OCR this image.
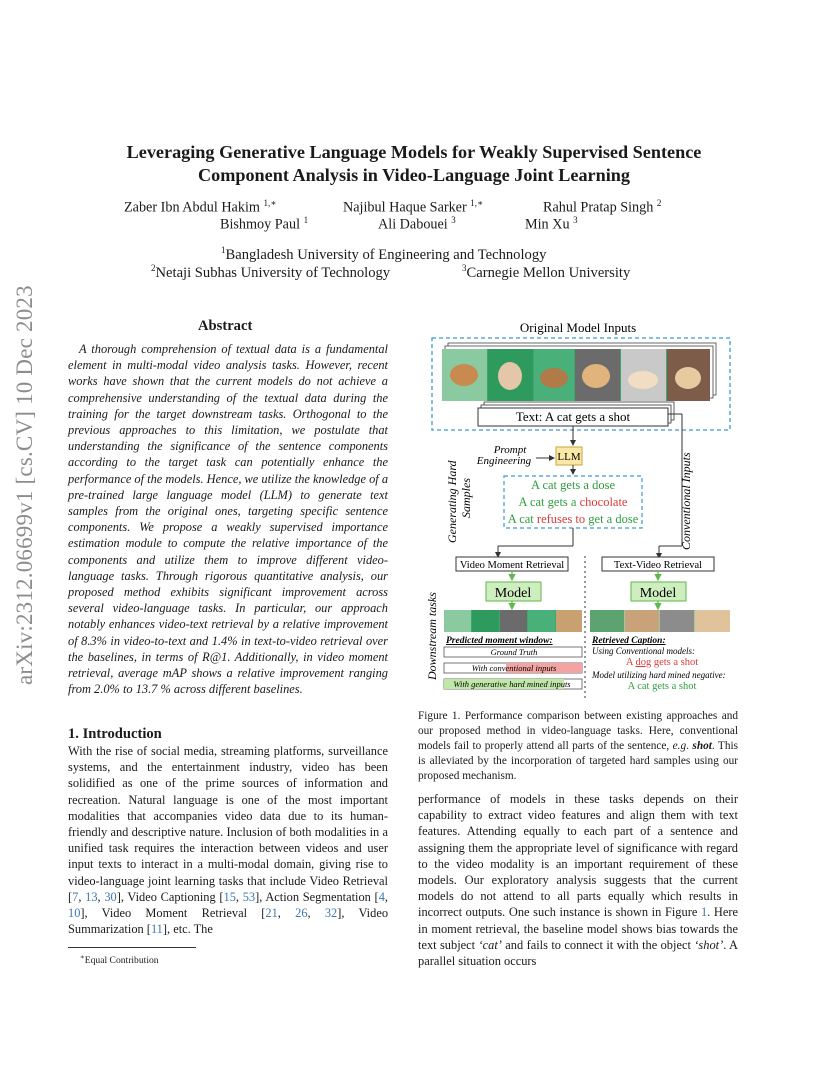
arXiv:2312.06699v1 [cs.CV] 10 Dec 2023
Leveraging Generative Language Models for Weakly Supervised Sentence
Component Analysis in Video-Language Joint Learning
Zaber Ibn Abdul Hakim $^{1,∗}$	Najibul Haque Sarker $^{1,∗}$	Rahul Pratap Singh $^2$
Bishmoy Paul $^1$	Ali Dabouei $^3$	Min Xu $^3$
$^1$Bangladesh University of Engineering and Technology
$^2$Netaji Subhas University of Technology	$^3$Carnegie Mellon University
Abstract

A thorough comprehension of textual data is a fundamental element in multi-modal video analysis tasks. However, recent works have shown that the current models do not achieve a comprehensive understanding of the textual data during the training for the target downstream tasks. Orthogonal to the previous approaches to this limitation, we postulate that understanding the significance of the sentence components according to the target task can potentially enhance the performance of the models. Hence, we utilize the knowledge of a pre-trained large language model (LLM) to generate text samples from the original ones, targeting specific sentence components. We propose a weakly supervised importance estimation module to compute the relative importance of the components and utilize them to improve different video-language tasks. Through rigorous quantitative analysis, our proposed method exhibits significant improvement across several video-language tasks. In particular, our approach notably enhances video-text retrieval by a relative improvement of 8.3% in video-to-text and 1.4% in text-to-video retrieval over the baselines, in terms of R@1. Additionally, in video moment retrieval, average mAP shows a relative improvement ranging from 2.0% to 13.7 % across different baselines.

1. Introduction

With the rise of social media, streaming platforms, surveillance systems, and the entertainment industry, video has been solidified as one of the prime sources of information and recreation. Natural language is one of the most important modalities that accompanies video data due to its human-friendly and descriptive nature. Inclusion of both modalities in a unified task requires the interaction between videos and user input texts to interact in a multi-modal domain, giving rise to video-language joint learning tasks that include Video Retrieval [7, 13, 30], Video Captioning [15, 53], Action Segmentation [4, 10], Video Moment Retrieval [21, 26, 32], Video Summarization [11], etc. The

∗Equal Contribution
Original Model Inputs
Text: A cat gets a shot
Generating Hard Samples	Conventional Inputs
Downstream tasks
Prompt
Engineering LLM
A cat gets a dose
A cat gets a chocolate
A cat refuses to get a dose
Video Moment Retrieval	Text-Video Retrieval
Model	Model
Predicted moment window:
Ground Truth
With conventional inputs
With generative hard mined inputs
Retrieved Caption:
Using Conventional models:
A dog gets a shot
Model utilizing hard mined negative:
A cat gets a shot
Figure 1. Performance comparison between existing approaches and our proposed method in video-language tasks. Here, conventional models fail to properly attend all parts of the sentence, e.g. shot. This is alleviated by the incorporation of targeted hard samples using our proposed mechanism.

performance of models in these tasks depends on their capability to extract video features and align them with text features. Attending equally to each part of a sentence and assigning them the appropriate level of significance with regard to the video modality is an important requirement of these models. Our exploratory analysis suggests that the current models do not attend to all parts equally which results in incorrect outputs. One such instance is shown in Figure 1. Here in moment retrieval, the baseline model shows bias towards the text subject ‘cat’ and fails to connect it with the object ‘shot’. A parallel situation occurs
